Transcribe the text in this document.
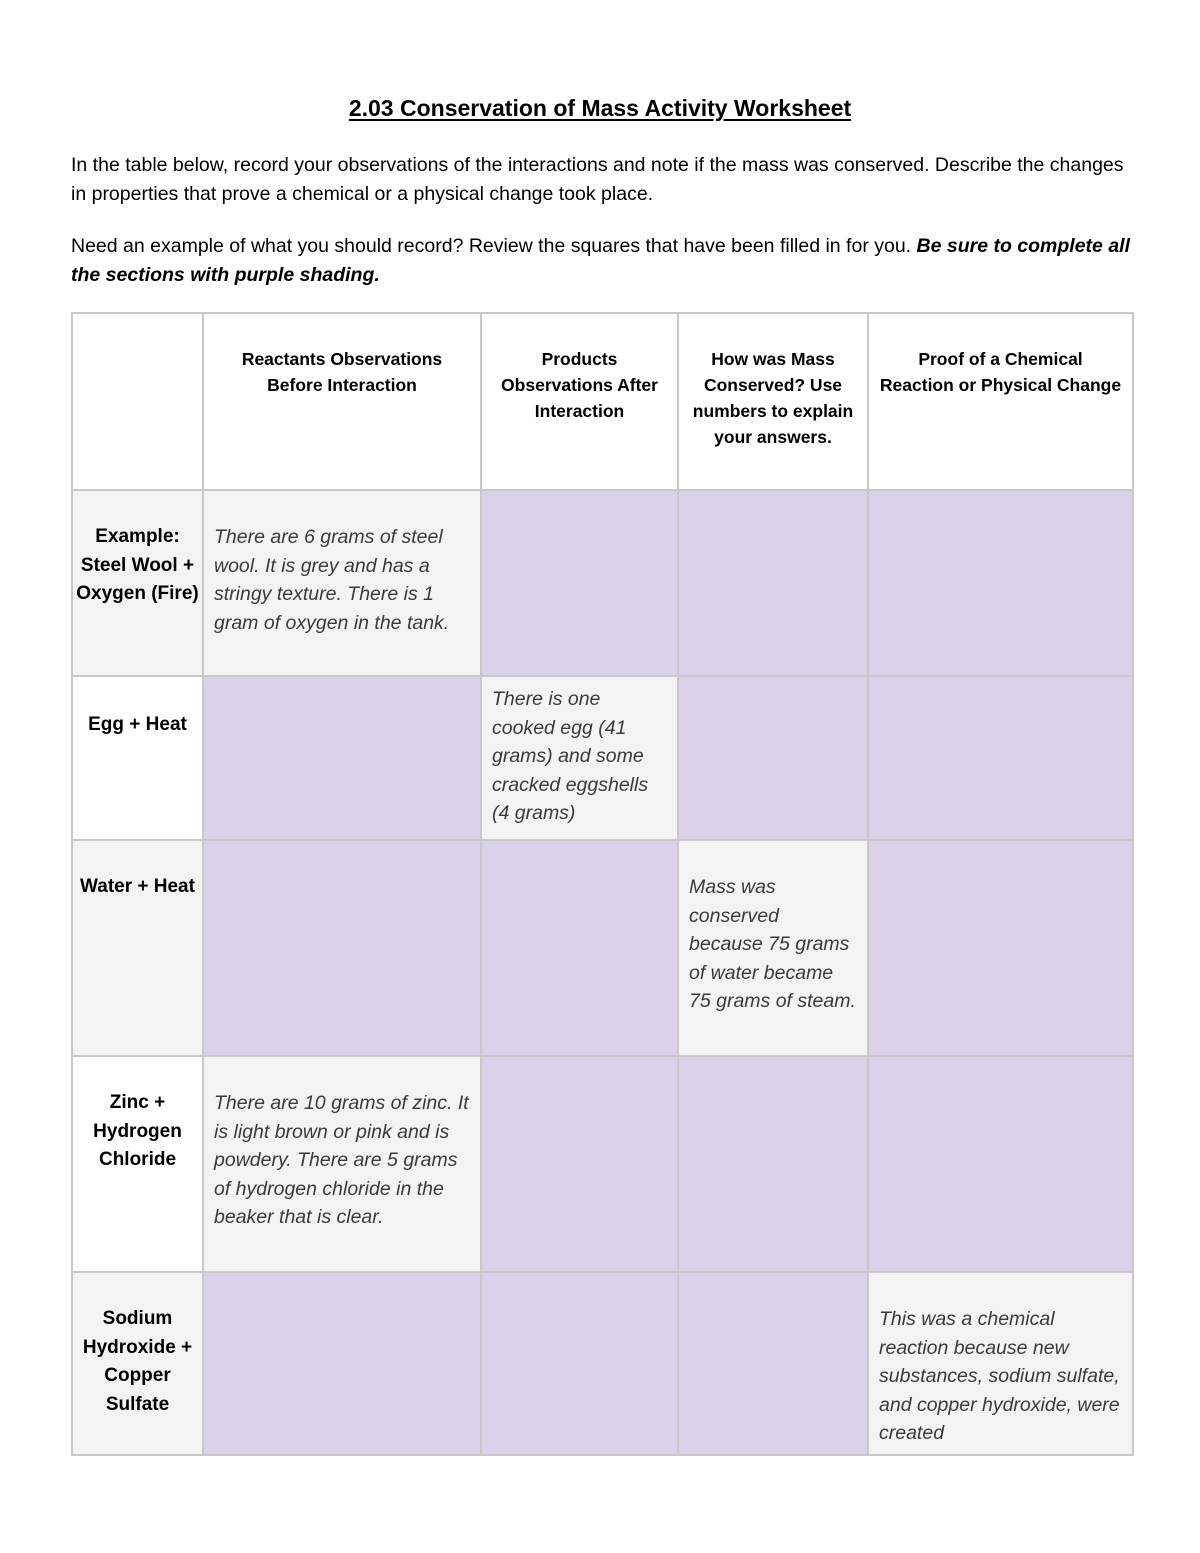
2.03 Conservation of Mass Activity Worksheet

In the table below, record your observations of the interactions and note if the mass was conserved. Describe the changes in properties that prove a chemical or a physical change took place.

Need an example of what you should record? Review the squares that have been filled in for you. Be sure to complete all the sections with purple shading.

	Reactants Observations Before Interaction	Products Observations After Interaction	How was Mass Conserved? Use numbers to explain your answers.	Proof of a Chemical Reaction or Physical Change

Example: Steel Wool + Oxygen (Fire)	There are 6 grams of steel wool. It is grey and has a stringy texture. There is 1 gram of oxygen in the tank.			
Egg + Heat		There is one cooked egg (41 grams) and some cracked eggshells (4 grams)		
Water + Heat			Mass was conserved because 75 grams of water became 75 grams of steam.	
Zinc + Hydrogen Chloride	There are 10 grams of zinc. It is light brown or pink and is powdery. There are 5 grams of hydrogen chloride in the beaker that is clear.			
Sodium Hydroxide + Copper Sulfate				This was a chemical reaction because new substances, sodium sulfate, and copper hydroxide, were created
